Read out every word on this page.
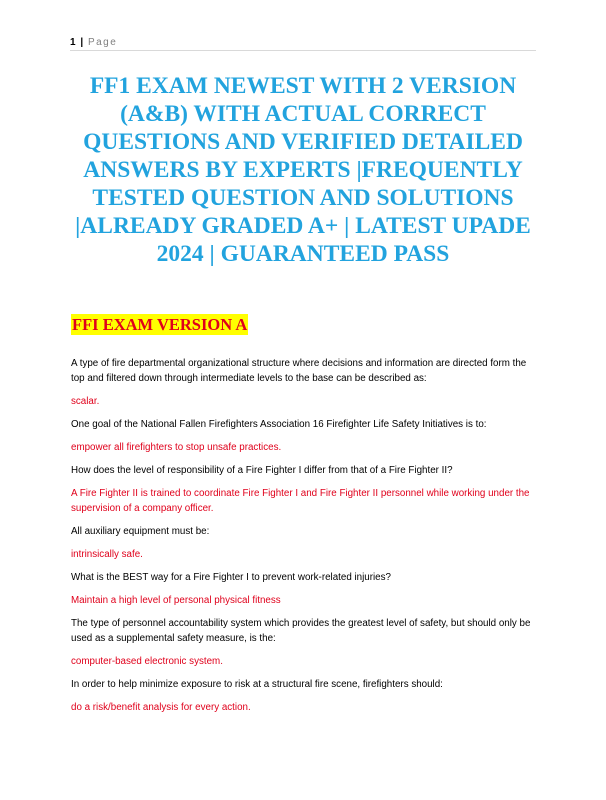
1 | Page
FF1 EXAM NEWEST WITH 2 VERSION (A&B) WITH ACTUAL CORRECT QUESTIONS AND VERIFIED DETAILED ANSWERS BY EXPERTS |FREQUENTLY TESTED QUESTION AND SOLUTIONS |ALREADY GRADED A+ | LATEST UPADE 2024 | GUARANTEED PASS
FFI EXAM VERSION A

A type of fire departmental organizational structure where decisions and information are directed form the top and filtered down through intermediate levels to the base can be described as:

scalar.

One goal of the National Fallen Firefighters Association 16 Firefighter Life Safety Initiatives is to:

empower all firefighters to stop unsafe practices.

How does the level of responsibility of a Fire Fighter I differ from that of a Fire Fighter II?

A Fire Fighter II is trained to coordinate Fire Fighter I and Fire Fighter II personnel while working under the supervision of a company officer.

All auxiliary equipment must be:

intrinsically safe.

What is the BEST way for a Fire Fighter I to prevent work-related injuries?

Maintain a high level of personal physical fitness

The type of personnel accountability system which provides the greatest level of safety, but should only be used as a supplemental safety measure, is the:

computer-based electronic system.

In order to help minimize exposure to risk at a structural fire scene, firefighters should:

do a risk/benefit analysis for every action.
